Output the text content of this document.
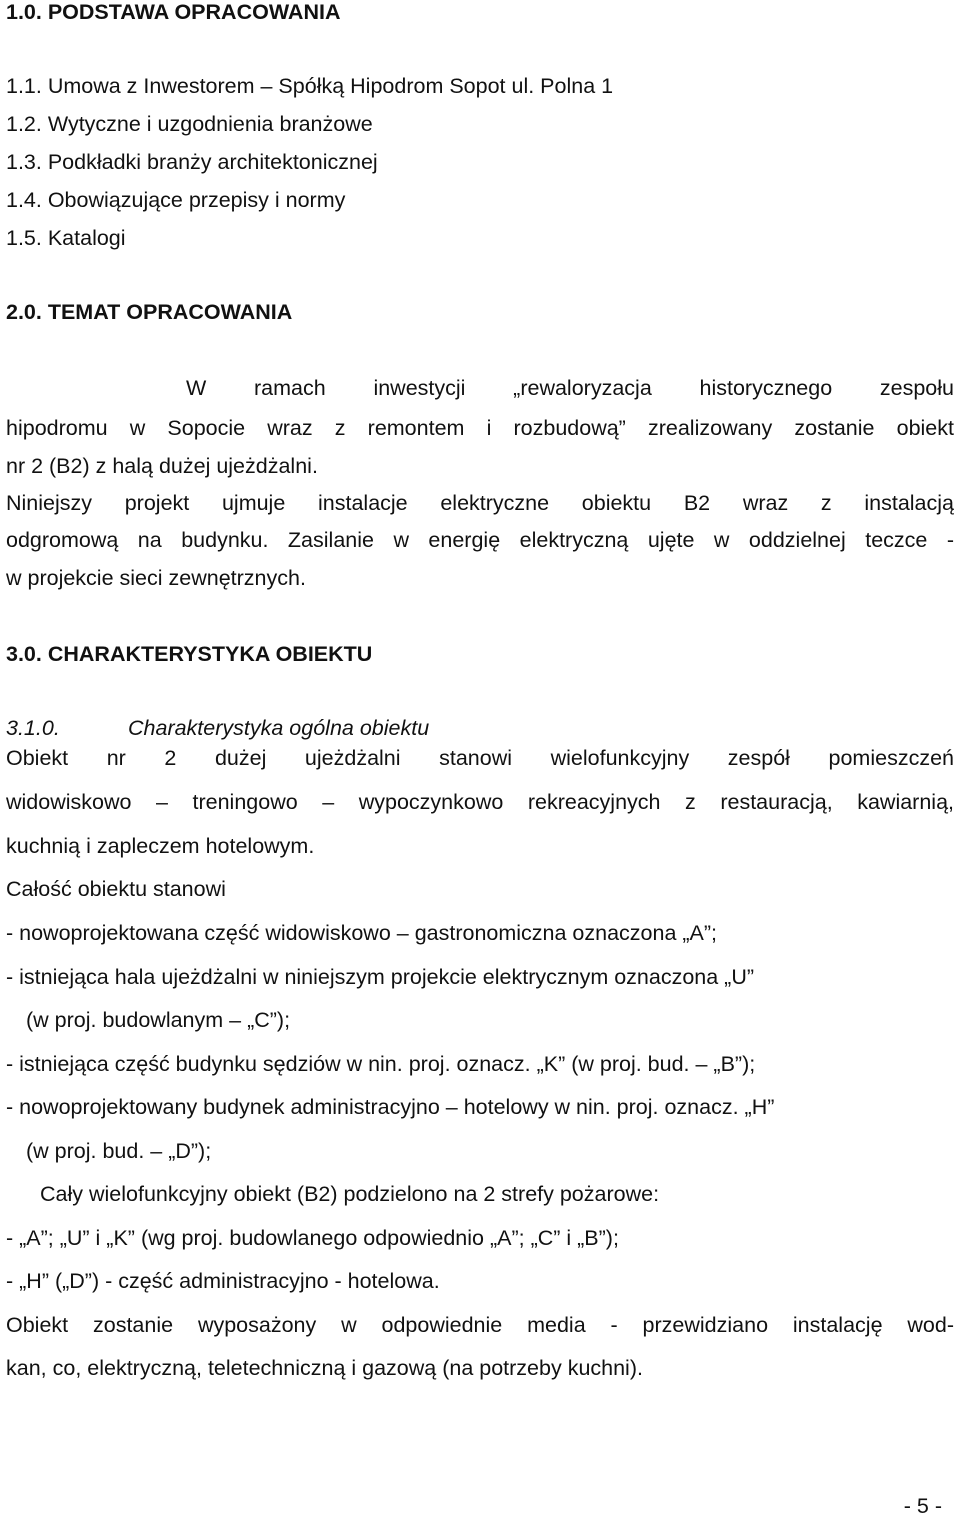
1.0. PODSTAWA OPRACOWANIA
1.1. Umowa z Inwestorem – Spółką Hipodrom Sopot ul. Polna 1
1.2. Wytyczne i uzgodnienia branżowe
1.3. Podkładki branży architektonicznej
1.4. Obowiązujące przepisy i normy
1.5. Katalogi
2.0. TEMAT OPRACOWANIA
W ramach inwestycji „rewaloryzacja historycznego zespołu
hipodromu w Sopocie wraz z remontem i rozbudową” zrealizowany zostanie obiekt
nr 2 (B2) z halą dużej ujeżdżalni.
Niniejszy projekt ujmuje instalacje elektryczne obiektu B2 wraz z instalacją
odgromową na budynku. Zasilanie w energię elektryczną ujęte w oddzielnej teczce -
w projekcie sieci zewnętrznych.
3.0. CHARAKTERYSTYKA OBIEKTU
3.1.0.	Charakterystyka ogólna obiektu
Obiekt nr 2 dużej ujeżdżalni stanowi wielofunkcyjny zespół pomieszczeń
widowiskowo – treningowo – wypoczynkowo rekreacyjnych z restauracją, kawiarnią,
kuchnią i zapleczem hotelowym.
Całość obiektu stanowi
- nowoprojektowana część widowiskowo – gastronomiczna oznaczona „A”;
- istniejąca hala ujeżdżalni w niniejszym projekcie elektrycznym oznaczona „U”
(w proj. budowlanym – „C”);
- istniejąca część budynku sędziów w nin. proj. oznacz. „K” (w proj. bud. – „B”);
- nowoprojektowany budynek administracyjno – hotelowy w nin. proj. oznacz. „H”
(w proj. bud. – „D”);
Cały wielofunkcyjny obiekt (B2) podzielono na 2 strefy pożarowe:
- „A”; „U” i „K” (wg proj. budowlanego odpowiednio „A”; „C” i „B”);
- „H” („D”) - część administracyjno - hotelowa.
Obiekt zostanie wyposażony w odpowiednie media - przewidziano instalację wod-
kan, co, elektryczną, teletechniczną i gazową (na potrzeby kuchni).
- 5 -
